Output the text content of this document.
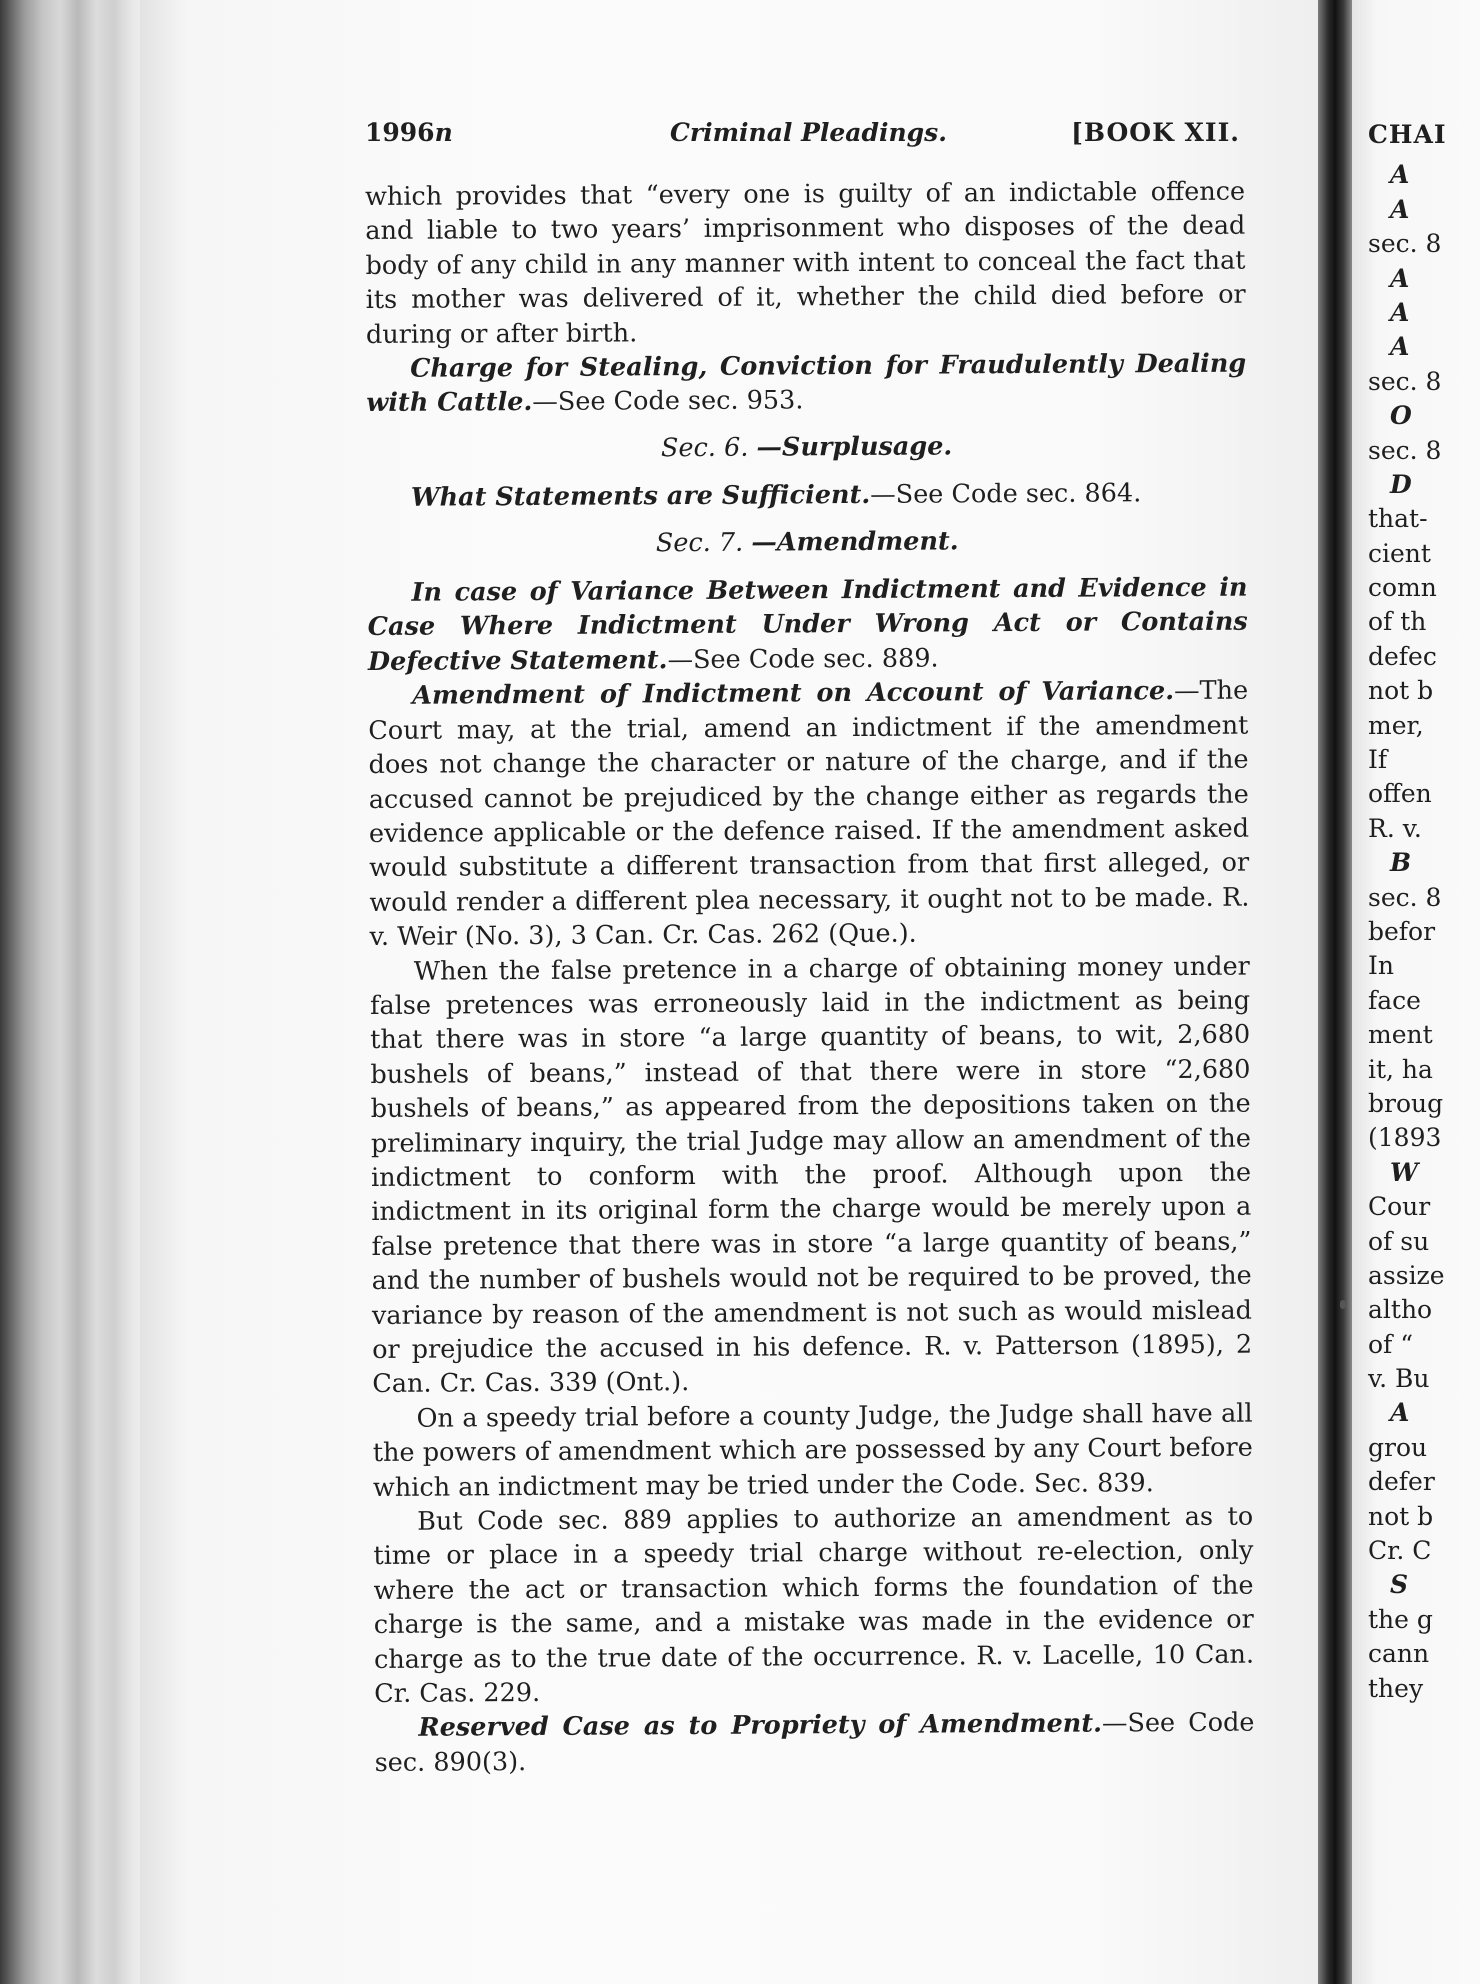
1996n	Criminal Pleadings.	[BOOK XII.

which provides that “every one is guilty of an indictable offence and liable to two years’ imprisonment who disposes of the dead body of any child in any manner with intent to conceal the fact that its mother was delivered of it, whether the child died before or during or after birth.

Charge for Stealing, Conviction for Fraudulently Dealing with Cattle.—See Code sec. 953.

Sec. 6. —Surplusage.

What Statements are Sufficient.—See Code sec. 864.

Sec. 7. —Amendment.

In case of Variance Between Indictment and Evidence in Case Where Indictment Under Wrong Act or Contains Defective Statement.—See Code sec. 889.

Amendment of Indictment on Account of Variance.—The Court may, at the trial, amend an indictment if the amendment does not change the character or nature of the charge, and if the accused cannot be prejudiced by the change either as regards the evidence applicable or the defence raised. If the amendment asked would substitute a different transaction from that first alleged, or would render a different plea necessary, it ought not to be made. R. v. Weir (No. 3), 3 Can. Cr. Cas. 262 (Que.).

When the false pretence in a charge of obtaining money under false pretences was erroneously laid in the indictment as being that there was in store “a large quantity of beans, to wit, 2,680 bushels of beans,” instead of that there were in store “2,680 bushels of beans,” as appeared from the depositions taken on the preliminary inquiry, the trial Judge may allow an amendment of the indictment to conform with the proof. Although upon the indictment in its original form the charge would be merely upon a false pretence that there was in store “a large quantity of beans,” and the number of bushels would not be required to be proved, the variance by reason of the amendment is not such as would mislead or prejudice the accused in his defence. R. v. Patterson (1895), 2 Can. Cr. Cas. 339 (Ont.).

On a speedy trial before a county Judge, the Judge shall have all the powers of amendment which are possessed by any Court before which an indictment may be tried under the Code. Sec. 839.

But Code sec. 889 applies to authorize an amendment as to time or place in a speedy trial charge without re-election, only where the act or transaction which forms the foundation of the charge is the same, and a mistake was made in the evidence or charge as to the true date of the occurrence. R. v. Lacelle, 10 Can. Cr. Cas. 229.

Reserved Case as to Propriety of Amendment.—See Code sec. 890(3).

CHAI
A
A
sec. 8
A
A
A
sec. 8
O
sec. 8
D
that-
cient
comn
of th
defec
not b
mer,
If
offen
R. v.
B
sec. 8
befor
In
face
ment
it, ha
broug
(1893
W
Cour
of su
assize
altho
of “
v. Bu
A
grou
defer
not b
Cr. C
S
the g
cann
they
